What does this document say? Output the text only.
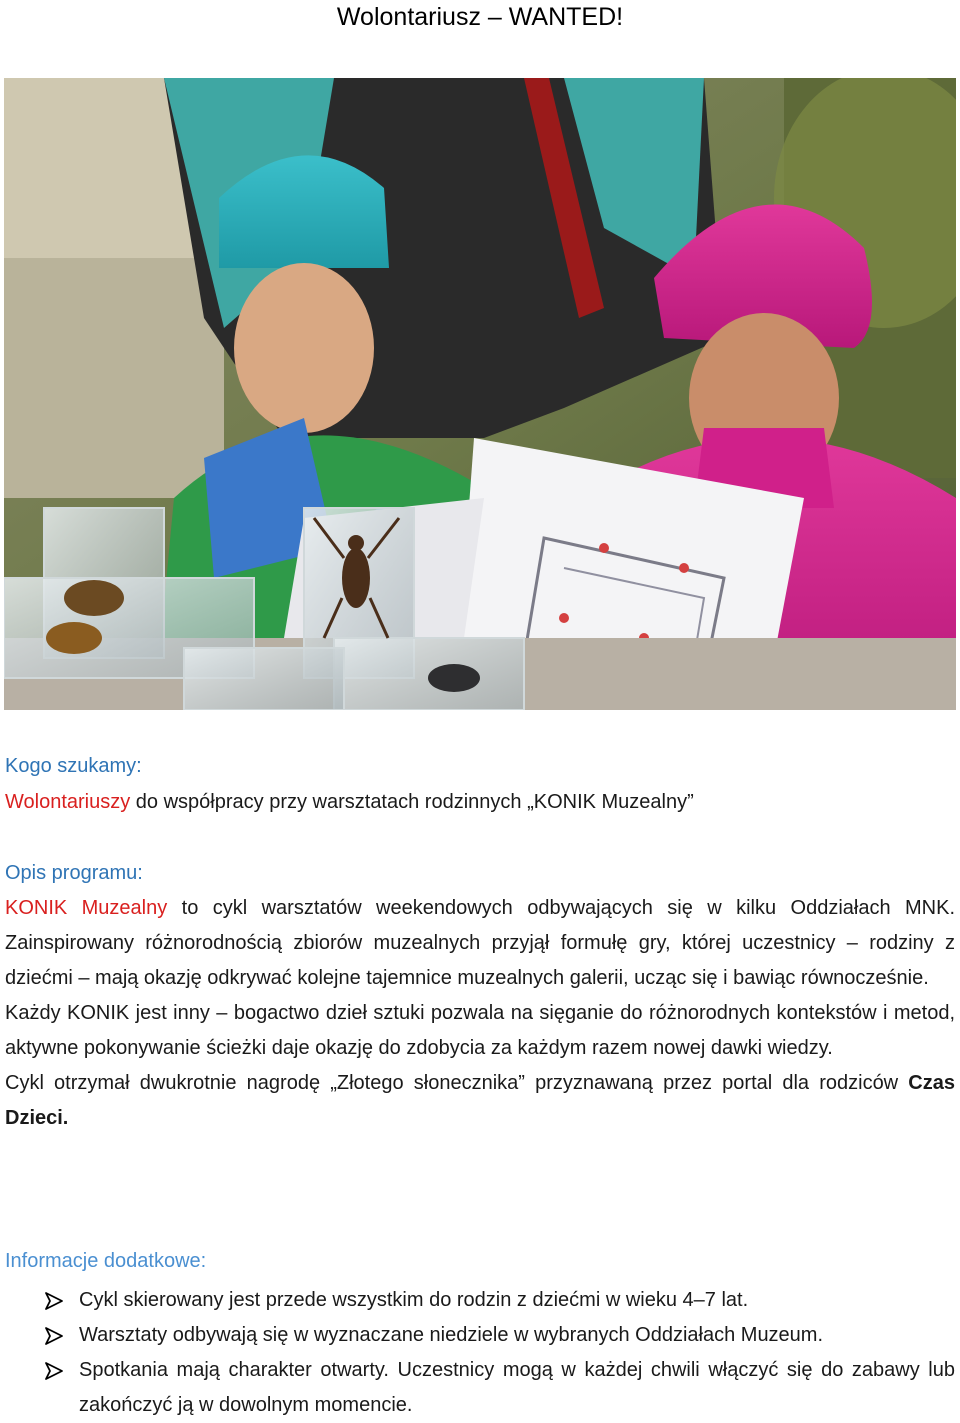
Wolontariusz – WANTED!

Kogo szukamy:

Wolontariuszy do współpracy przy warsztatach rodzinnych „KONIK Muzealny”

Opis programu:

KONIK Muzealny to cykl warsztatów weekendowych odbywających się w kilku Oddziałach MNK. Zainspirowany różnorodnością zbiorów muzealnych przyjął formułę gry, której uczestnicy – rodziny z dziećmi – mają okazję odkrywać kolejne tajemnice muzealnych galerii, ucząc się i bawiąc równocześnie.

Każdy KONIK jest inny – bogactwo dzieł sztuki pozwala na sięganie do różnorodnych kontekstów i metod, aktywne pokonywanie ścieżki daje okazję do zdobycia za każdym razem nowej dawki wiedzy.

Cykl otrzymał dwukrotnie nagrodę „Złotego słonecznika” przyznawaną przez portal dla rodziców Czas Dzieci.

Informacje dodatkowe:

Cykl skierowany jest przede wszystkim do rodzin z dziećmi w wieku 4–7 lat.
Warsztaty odbywają się w wyznaczane niedziele w wybranych Oddziałach Muzeum.
Spotkania mają charakter otwarty. Uczestnicy mogą w każdej chwili włączyć się do zabawy lub zakończyć ją w dowolnym momencie.
